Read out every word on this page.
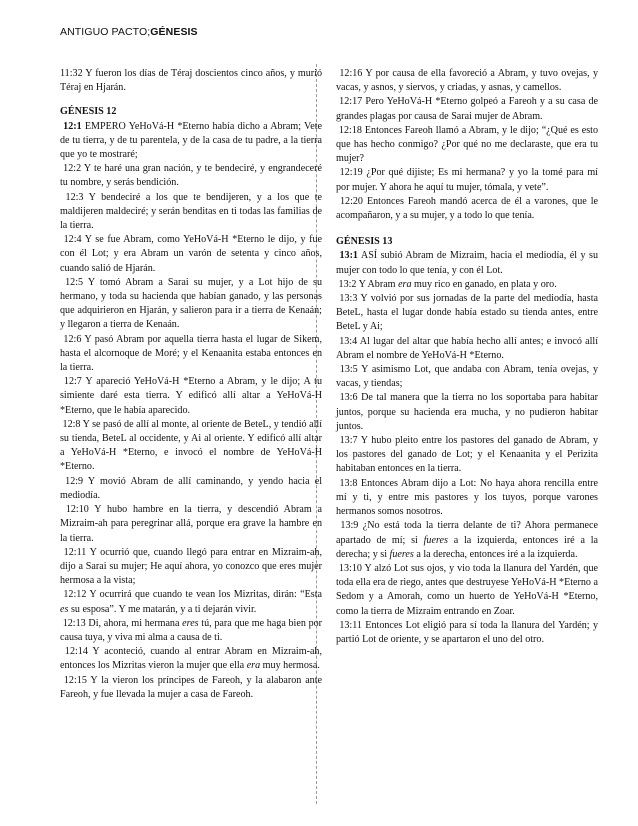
ANTIGUO PACTO;GÉNESIS

11:32 Y fueron los días de Téraj doscientos cinco años, y murió Téraj en Hjarán.

GÉNESIS 12

12:1 EMPERO YeHoVá-H *Eterno había dicho a Abram; Vete de tu tierra, y de tu parentela, y de la casa de tu padre, a la tierra que yo te mostraré;

12:2 Y te haré una gran nación, y te bendeciré, y engrandeceré tu nombre, y serás bendición.

12:3 Y bendeciré a los que te bendijeren, y a los que te maldijeren maldeciré; y serán benditas en ti todas las familias de la tierra.

12:4 Y se fue Abram, como YeHoVá-H *Eterno le dijo, y fue con él Lot; y era Abram un varón de setenta y cinco años, cuando salió de Hjarán.

12:5 Y tomó Abram a Sarai su mujer, y a Lot hijo de su hermano, y toda su hacienda que habían ganado, y las personas que adquirieron en Hjarán, y salieron para ir a tierra de Kenaán; y llegaron a tierra de Kenaán.

12:6 Y pasó Abram por aquella tierra hasta el lugar de Sikem, hasta el alcornoque de Moré; y el Kenaanita estaba entonces en la tierra.

12:7 Y apareció YeHoVá-H *Eterno a Abram, y le dijo; A tu simiente daré esta tierra. Y edificó allí altar a YeHoVá-H *Eterno, que le había aparecido.

12:8 Y se pasó de allí al monte, al oriente de BeteL, y tendió allí su tienda, BeteL al occidente, y Ai al oriente. Y edificó allí altar a YeHoVá-H *Eterno, e invocó el nombre de YeHoVá-H *Eterno.

12:9 Y movió Abram de allí caminando, y yendo hacia el mediodía.

12:10 Y hubo hambre en la tierra, y descendió Abram a Mizraim-ah para peregrinar allá, porque era grave la hambre en la tierra.

12:11 Y ocurrió que, cuando llegó para entrar en Mizraim-ah, dijo a Sarai su mujer; He aquí ahora, yo conozco que eres mujer hermosa a la vista;

12:12 Y ocurrirá que cuando te vean los Mizritas, dirán: “Esta es su esposa”. Y me matarán, y a ti dejarán vivir.

12:13 Di, ahora, mi hermana eres tú, para que me haga bien por causa tuya, y viva mi alma a causa de ti.

12:14 Y aconteció, cuando al entrar Abram en Mizraim-ah, entonces los Mizritas vieron la mujer que ella era muy hermosa.

12:15 Y la vieron los príncipes de Fareoh, y la alabaron ante Fareoh, y fue llevada la mujer a casa de Fareoh.

12:16 Y por causa de ella favoreció a Abram, y tuvo ovejas, y vacas, y asnos, y siervos, y criadas, y asnas, y camellos.

12:17 Pero YeHoVá-H *Eterno golpeó a Fareoh y a su casa de grandes plagas por causa de Sarai mujer de Abram.

12:18 Entonces Fareoh llamó a Abram, y le dijo; “¿Qué es esto que has hecho conmigo? ¿Por qué no me declaraste, que era tu mujer?

12:19 ¿Por qué dijiste; Es mi hermana? y yo la tomé para mí por mujer. Y ahora he aquí tu mujer, tómala, y vete”.

12:20 Entonces Fareoh mandó acerca de él a varones, que le acompañaron, y a su mujer, y a todo lo que tenía.

GÉNESIS 13

13:1 ASÍ subió Abram de Mizraim, hacia el mediodía, él y su mujer con todo lo que tenía, y con él Lot.

13:2 Y Abram era muy rico en ganado, en plata y oro.

13:3 Y volvió por sus jornadas de la parte del mediodía, hasta BeteL, hasta el lugar donde había estado su tienda antes, entre BeteL y Ai;

13:4 Al lugar del altar que había hecho allí antes; e invocó allí Abram el nombre de YeHoVá-H *Eterno.

13:5 Y asimismo Lot, que andaba con Abram, tenía ovejas, y vacas, y tiendas;

13:6 De tal manera que la tierra no los soportaba para habitar juntos, porque su hacienda era mucha, y no pudieron habitar juntos.

13:7 Y hubo pleito entre los pastores del ganado de Abram, y los pastores del ganado de Lot; y el Kenaanita y el Perizita habitaban entonces en la tierra.

13:8 Entonces Abram dijo a Lot: No haya ahora rencilla entre mí y ti, y entre mis pastores y los tuyos, porque varones hermanos somos nosotros.

13:9 ¿No está toda la tierra delante de ti? Ahora permanece apartado de mí; si fueres a la izquierda, entonces iré a la derecha; y si fueres a la derecha, entonces iré a la izquierda.

13:10 Y alzó Lot sus ojos, y vio toda la llanura del Yardén, que toda ella era de riego, antes que destruyese YeHoVá-H *Eterno a Sedom y a Amorah, como un huerto de YeHoVá-H *Eterno, como la tierra de Mizraim entrando en Zoar.

13:11 Entonces Lot eligió para sí toda la llanura del Yardén; y partió Lot de oriente, y se apartaron el uno del otro.
